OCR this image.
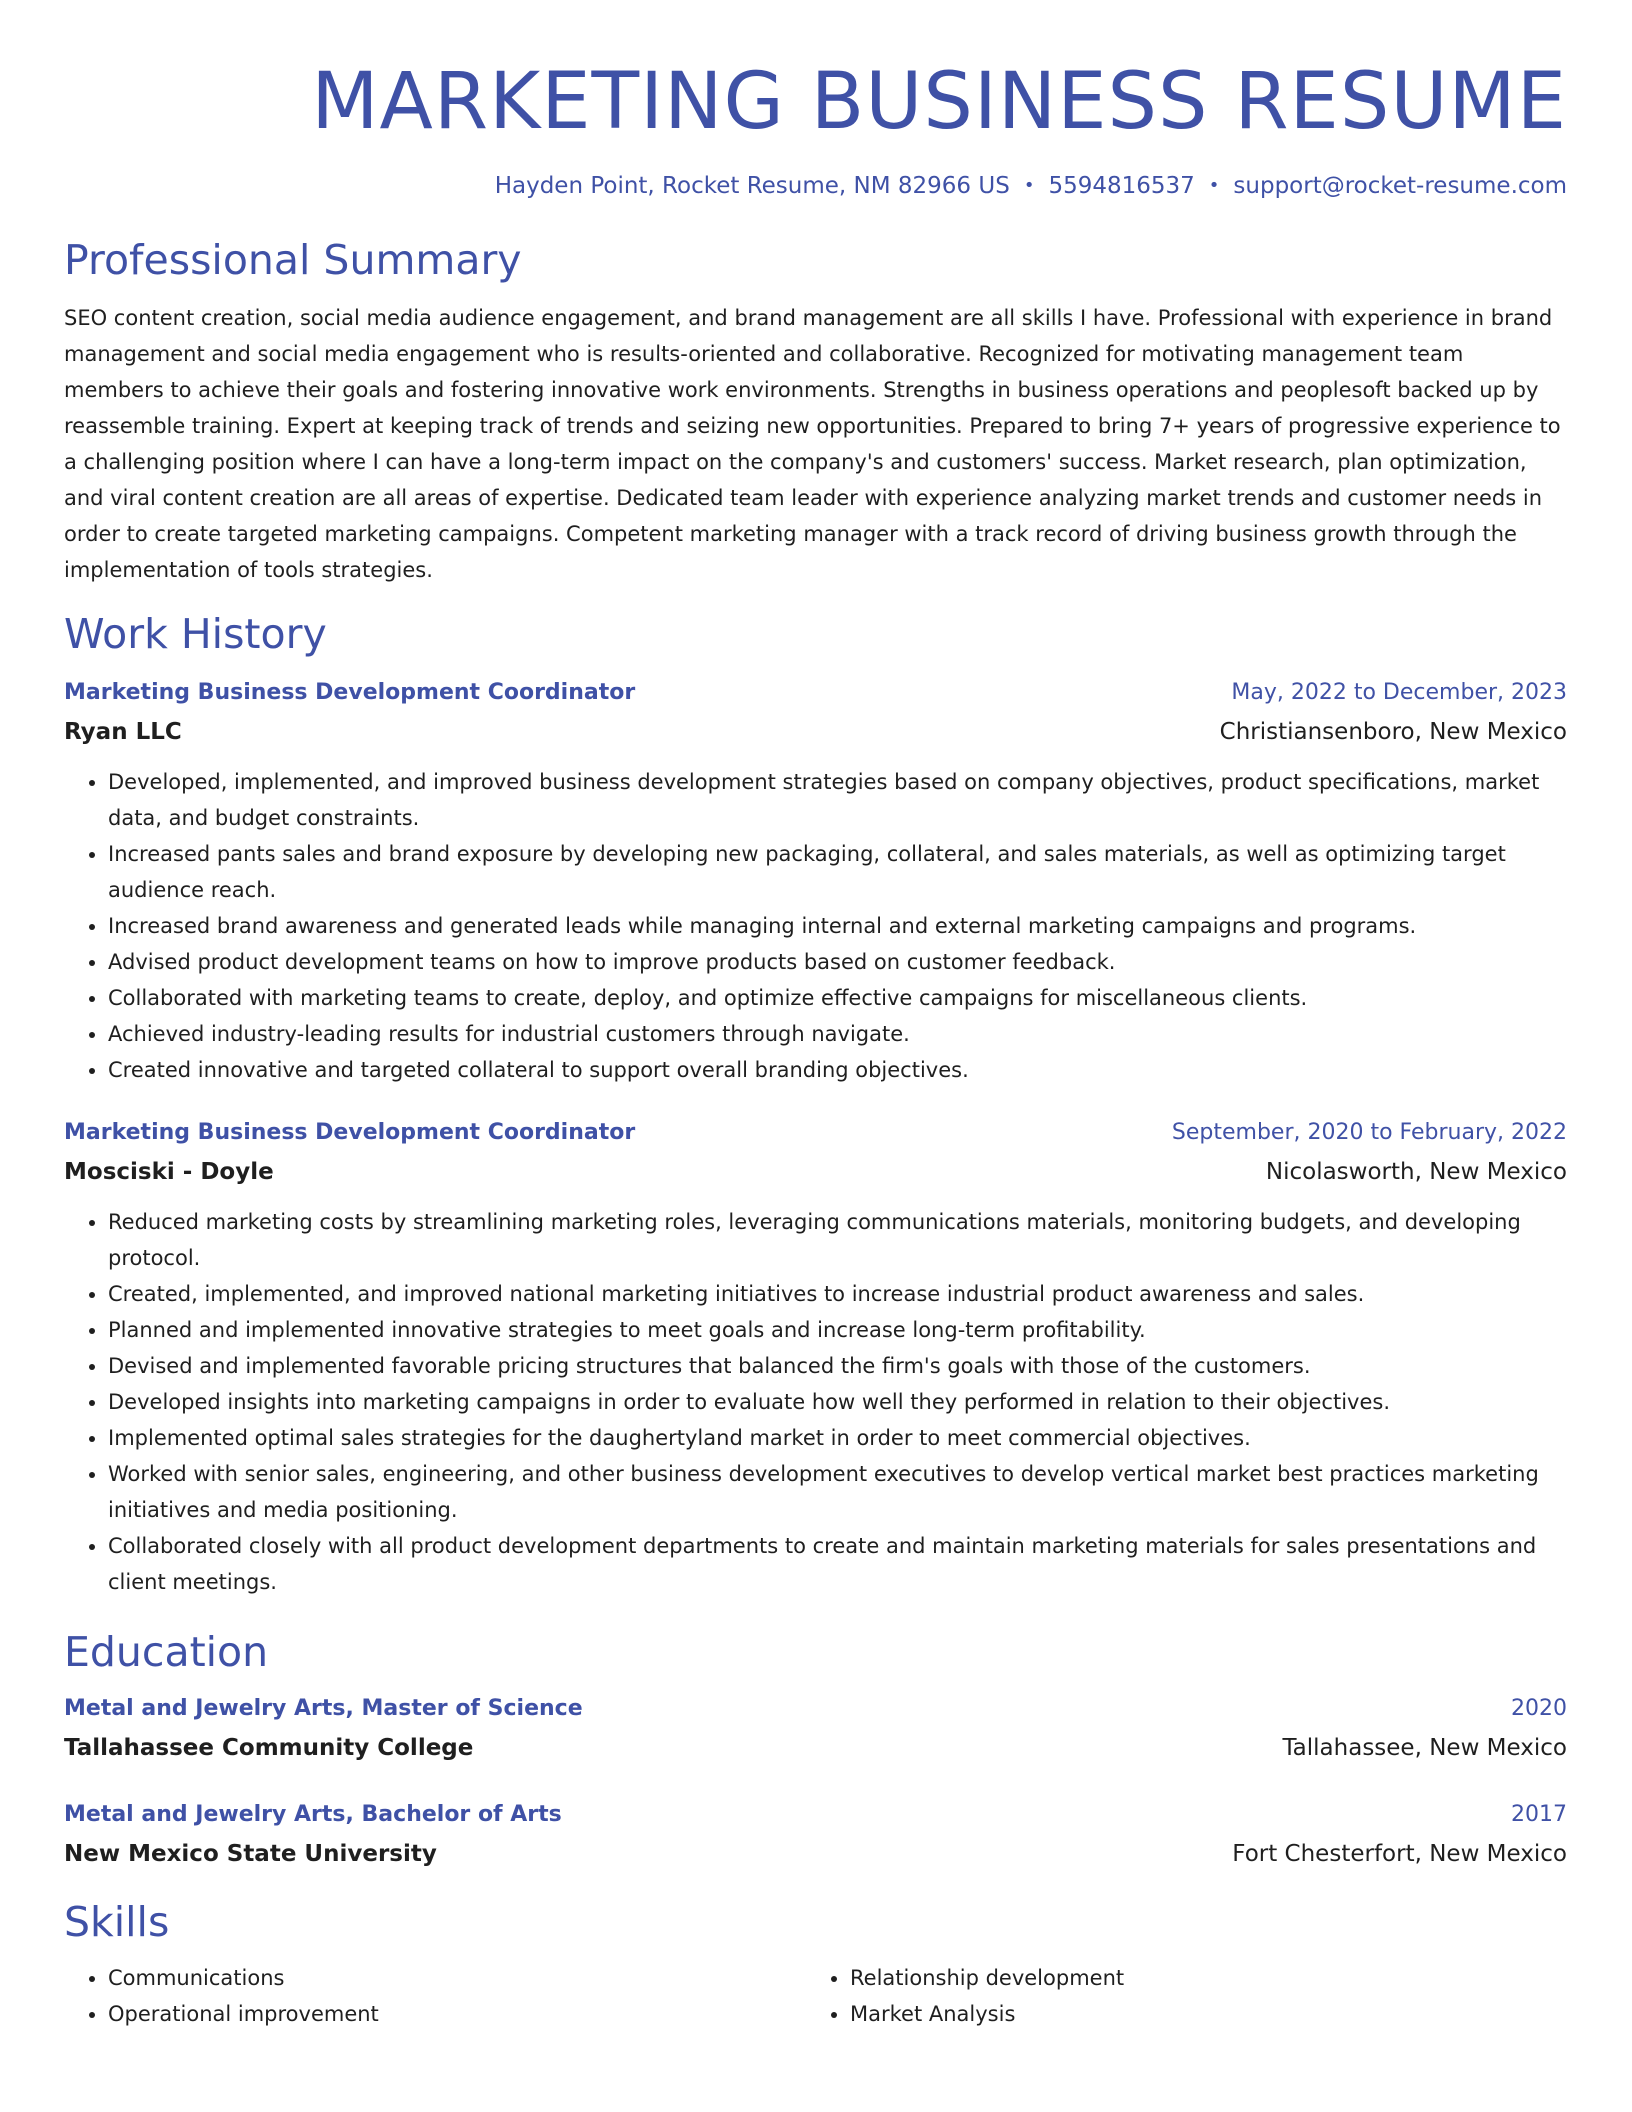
MARKETING BUSINESS RESUME
Hayden Point, Rocket Resume, NM 82966 US • 5594816537 • support@rocket-resume.com
Professional Summary
SEO content creation, social media audience engagement, and brand management are all skills I have. Professional with experience in brand management and social media engagement who is results-oriented and collaborative. Recognized for motivating management team members to achieve their goals and fostering innovative work environments. Strengths in business operations and peoplesoft backed up by reassemble training. Expert at keeping track of trends and seizing new opportunities. Prepared to bring 7+ years of progressive experience to a challenging position where I can have a long-term impact on the company's and customers' success. Market research, plan optimization, and viral content creation are all areas of expertise. Dedicated team leader with experience analyzing market trends and customer needs in order to create targeted marketing campaigns. Competent marketing manager with a track record of driving business growth through the implementation of tools strategies.
Work History
Marketing Business Development Coordinator	May, 2022 to December, 2023
Ryan LLC	Christiansenboro, New Mexico
• Developed, implemented, and improved business development strategies based on company objectives, product specifications, market data, and budget constraints.
• Increased pants sales and brand exposure by developing new packaging, collateral, and sales materials, as well as optimizing target audience reach.
• Increased brand awareness and generated leads while managing internal and external marketing campaigns and programs.
• Advised product development teams on how to improve products based on customer feedback.
• Collaborated with marketing teams to create, deploy, and optimize effective campaigns for miscellaneous clients.
• Achieved industry-leading results for industrial customers through navigate.
• Created innovative and targeted collateral to support overall branding objectives.
Marketing Business Development Coordinator	September, 2020 to February, 2022
Mosciski - Doyle	Nicolasworth, New Mexico
• Reduced marketing costs by streamlining marketing roles, leveraging communications materials, monitoring budgets, and developing protocol.
• Created, implemented, and improved national marketing initiatives to increase industrial product awareness and sales.
• Planned and implemented innovative strategies to meet goals and increase long-term profitability.
• Devised and implemented favorable pricing structures that balanced the firm's goals with those of the customers.
• Developed insights into marketing campaigns in order to evaluate how well they performed in relation to their objectives.
• Implemented optimal sales strategies for the daughertyland market in order to meet commercial objectives.
• Worked with senior sales, engineering, and other business development executives to develop vertical market best practices marketing initiatives and media positioning.
• Collaborated closely with all product development departments to create and maintain marketing materials for sales presentations and client meetings.
Education
Metal and Jewelry Arts, Master of Science	2020
Tallahassee Community College	Tallahassee, New Mexico
Metal and Jewelry Arts, Bachelor of Arts	2017
New Mexico State University	Fort Chesterfort, New Mexico
Skills
• Communications
• Operational improvement
• Relationship development
• Market Analysis
